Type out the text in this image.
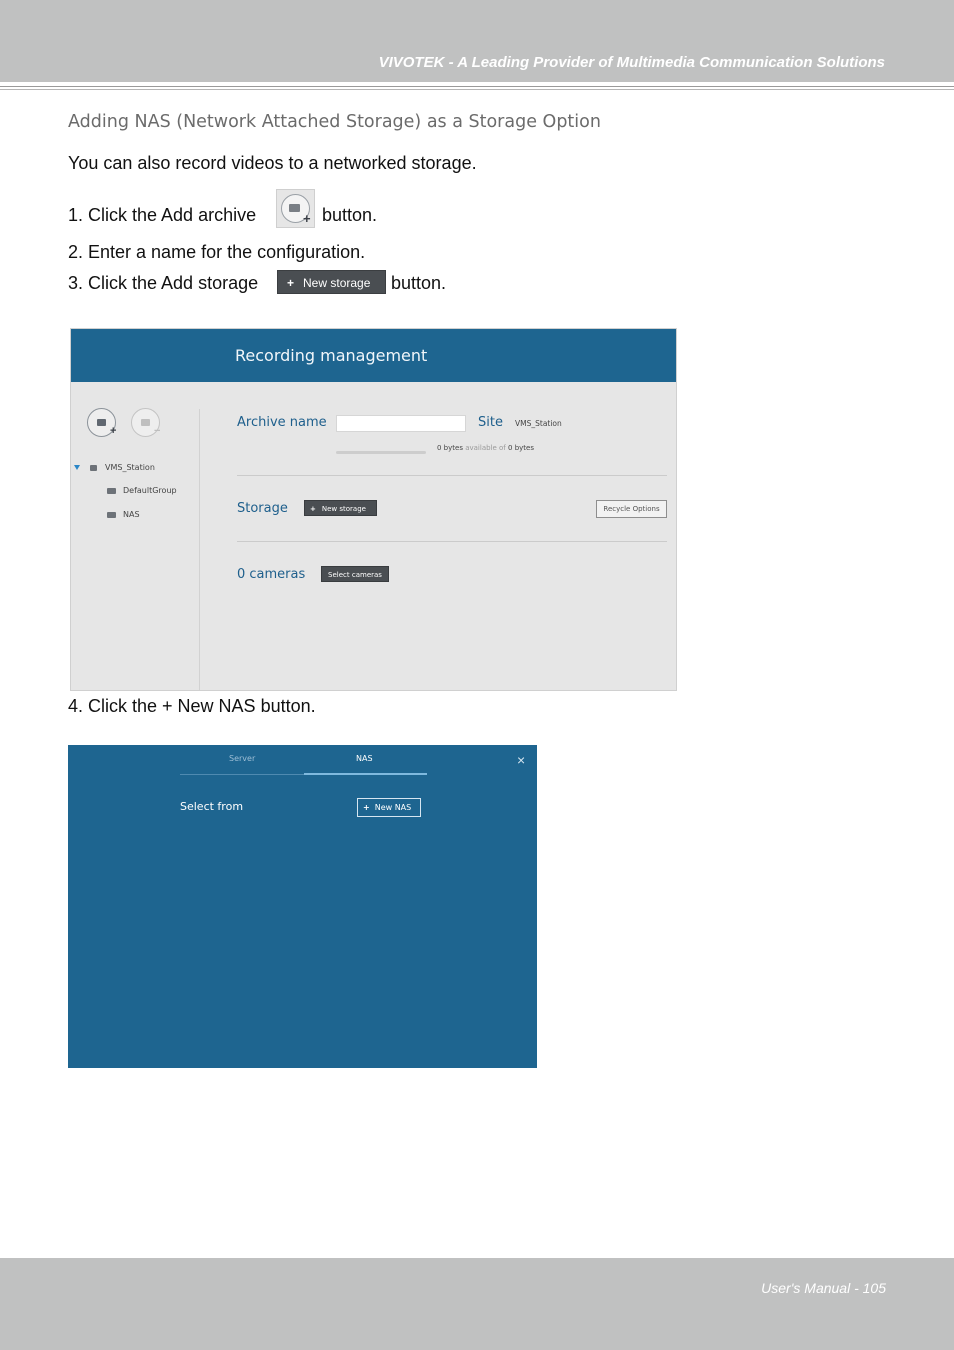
VIVOTEK - A Leading Provider of Multimedia Communication Solutions
Adding NAS (Network Attached Storage) as a Storage Option
You can also record videos to a networked storage.
1. Click the Add archive	button.
+
2. Enter a name for the configuration.
3. Click the Add storage	button.
+ New storage
Recording management
+	−
VMS_Station
DefaultGroup
NAS
Archive name	Site VMS_Station
0 bytes available of 0 bytes
Storage	+ New storage	Recycle Options
0 cameras	Select cameras
4. Click the + New NAS button.
Server	NAS	×
Select from	+ New NAS
User's Manual - 105
